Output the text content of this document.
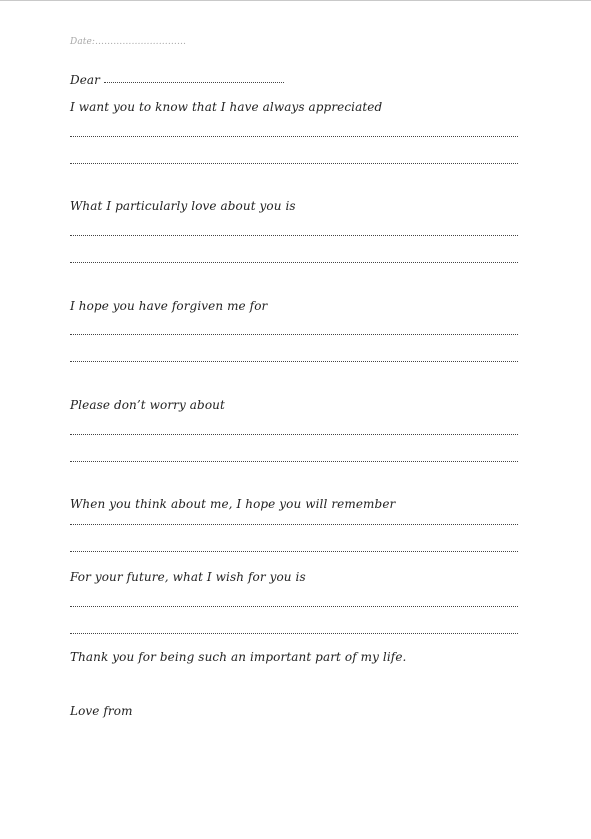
Date:…………………………
Dear
I want you to know that I have always appreciated
What I particularly love about you is
I hope you have forgiven me for
Please don’t worry about
When you think about me, I hope you will remember
For your future, what I wish for you is
Thank you for being such an important part of my life.
Love from
